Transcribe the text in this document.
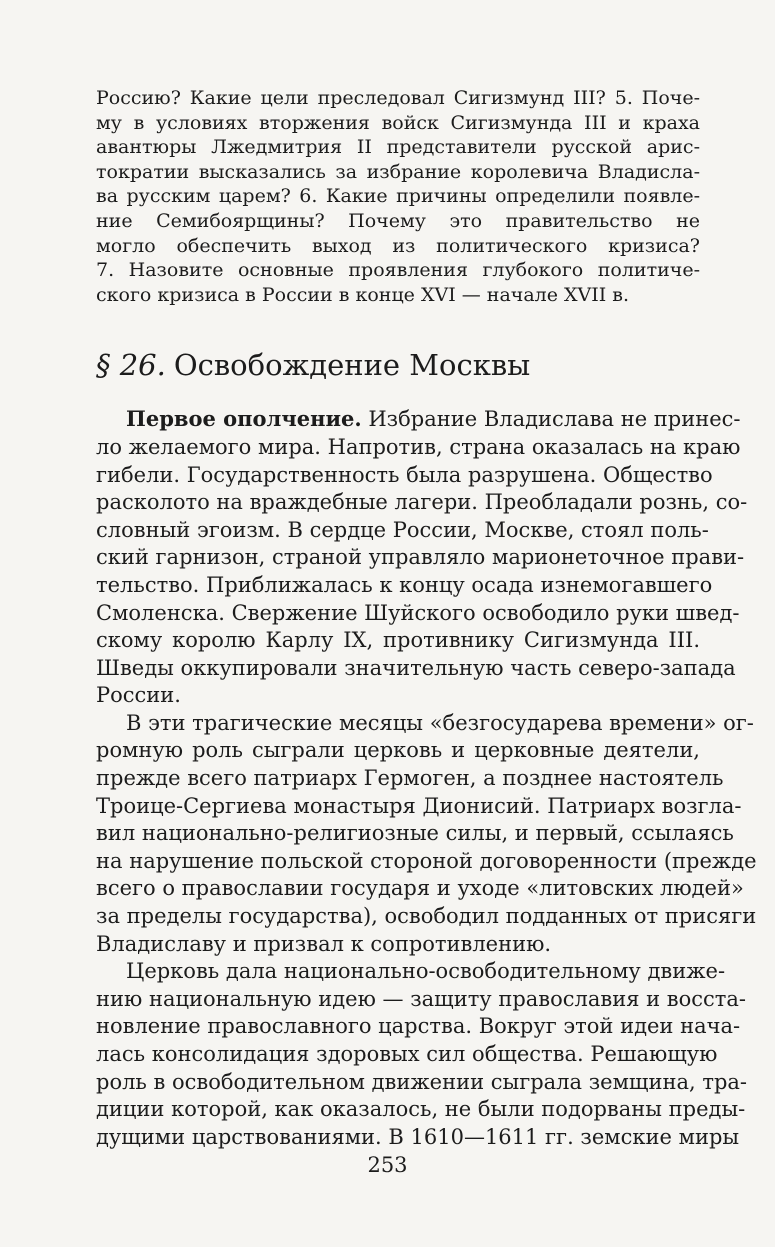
Россию? Какие цели преследовал Сигизмунд III? 5. Поче-
му в условиях вторжения войск Сигизмунда III и краха
авантюры Лжедмитрия II представители русской арис-
тократии высказались за избрание королевича Владисла-
ва русским царем? 6. Какие причины определили появле-
ние Семибоярщины? Почему это правительство не
могло обеспечить выход из политического кризиса?
7. Назовите основные проявления глубокого политиче-
ского кризиса в России в конце XVI — начале XVII в.
§ 26. Освобождение Москвы
Первое ополчение. Избрание Владислава не принес-
ло желаемого мира. Напротив, страна оказалась на краю
гибели. Государственность была разрушена. Общество
расколото на враждебные лагери. Преобладали рознь, со-
словный эгоизм. В сердце России, Москве, стоял поль-
ский гарнизон, страной управляло марионеточное прави-
тельство. Приближалась к концу осада изнемогавшего
Смоленска. Свержение Шуйского освободило руки швед-
скому королю Карлу IX, противнику Сигизмунда III.
Шведы оккупировали значительную часть северо-запада
России.
В эти трагические месяцы «безгосударева времени» ог-
ромную роль сыграли церковь и церковные деятели,
прежде всего патриарх Гермоген, а позднее настоятель
Троице-Сергиева монастыря Дионисий. Патриарх возгла-
вил национально-религиозные силы, и первый, ссылаясь
на нарушение польской стороной договоренности (прежде
всего о православии государя и уходе «литовских людей»
за пределы государства), освободил подданных от присяги
Владиславу и призвал к сопротивлению.
Церковь дала национально-освободительному движе-
нию национальную идею — защиту православия и восста-
новление православного царства. Вокруг этой идеи нача-
лась консолидация здоровых сил общества. Решающую
роль в освободительном движении сыграла земщина, тра-
диции которой, как оказалось, не были подорваны преды-
дущими царствованиями. В 1610—1611 гг. земские миры
253
